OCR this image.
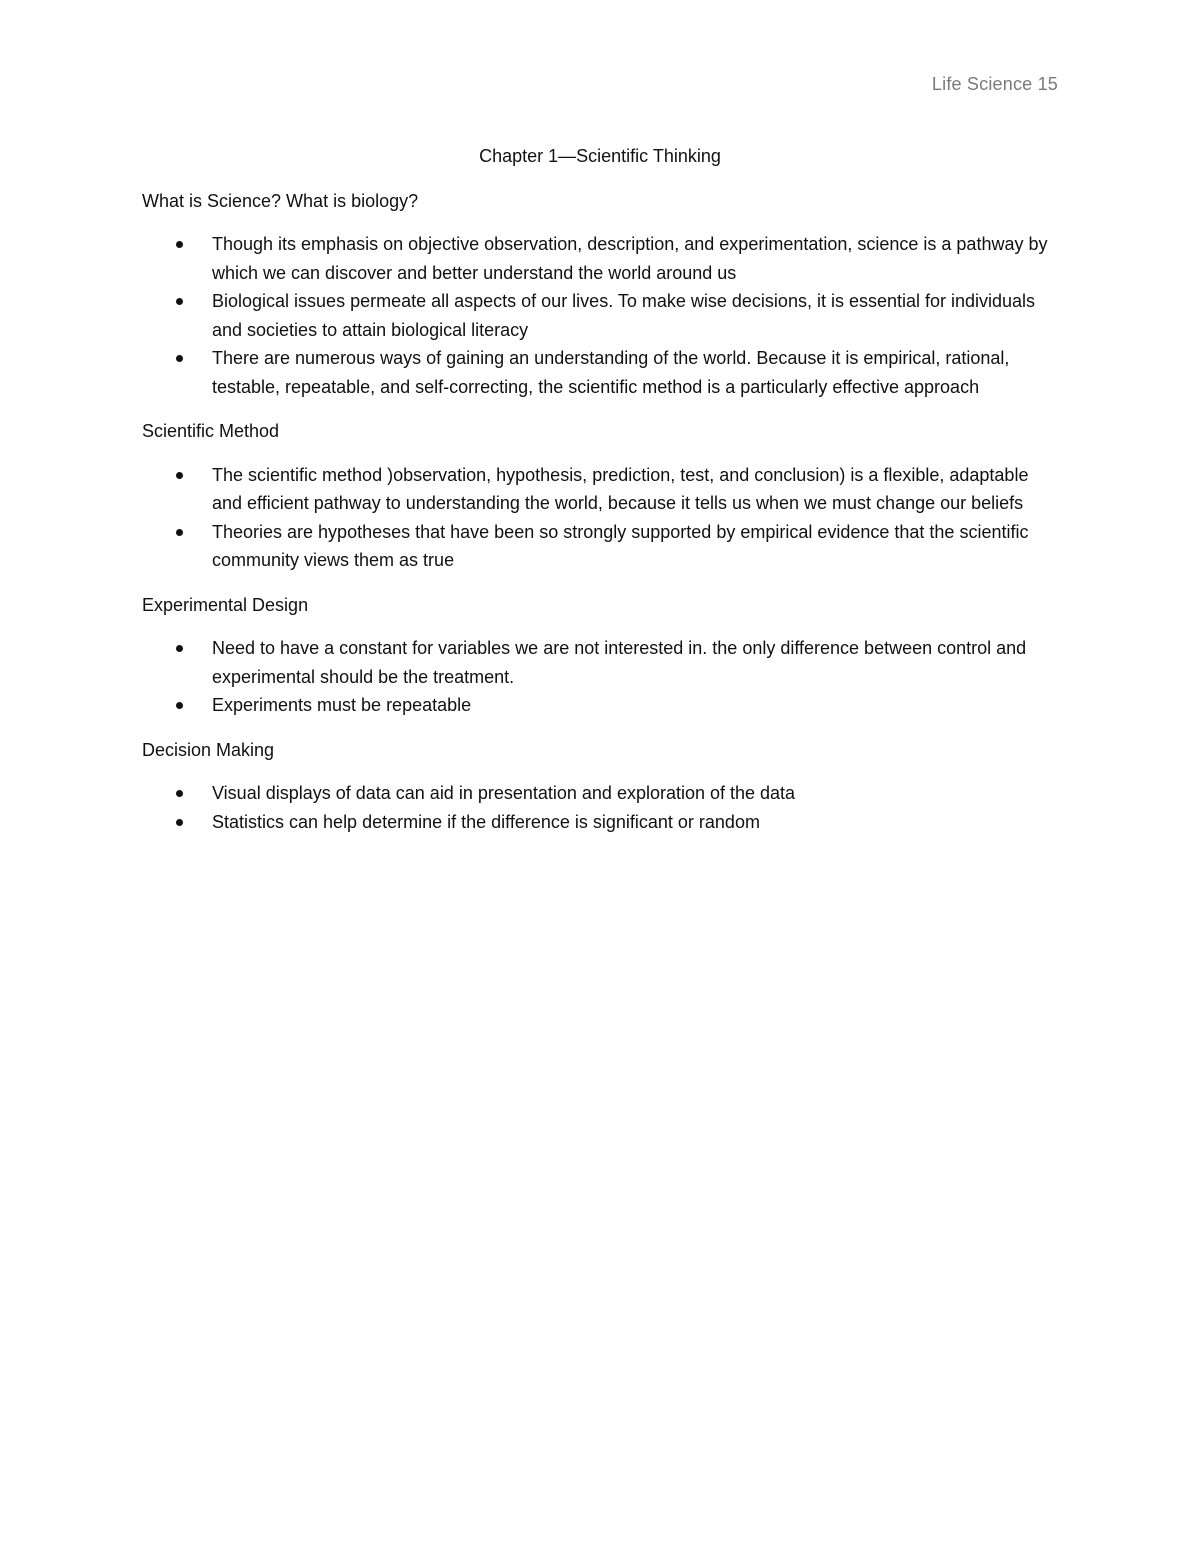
Life Science 15
Chapter 1—Scientific Thinking
What is Science? What is biology?
Though its emphasis on objective observation, description, and experimentation, science is a pathway by which we can discover and better understand the world around us
Biological issues permeate all aspects of our lives. To make wise decisions, it is essential for individuals and societies to attain biological literacy
There are numerous ways of gaining an understanding of the world. Because it is empirical, rational, testable, repeatable, and self-correcting, the scientific method is a particularly effective approach
Scientific Method
The scientific method )observation, hypothesis, prediction, test, and conclusion) is a flexible, adaptable and efficient pathway to understanding the world, because it tells us when we must change our beliefs
Theories are hypotheses that have been so strongly supported by empirical evidence that the scientific community views them as true
Experimental Design
Need to have a constant for variables we are not interested in. the only difference between control and experimental should be the treatment.
Experiments must be repeatable
Decision Making
Visual displays of data can aid in presentation and exploration of the data
Statistics can help determine if the difference is significant or random
